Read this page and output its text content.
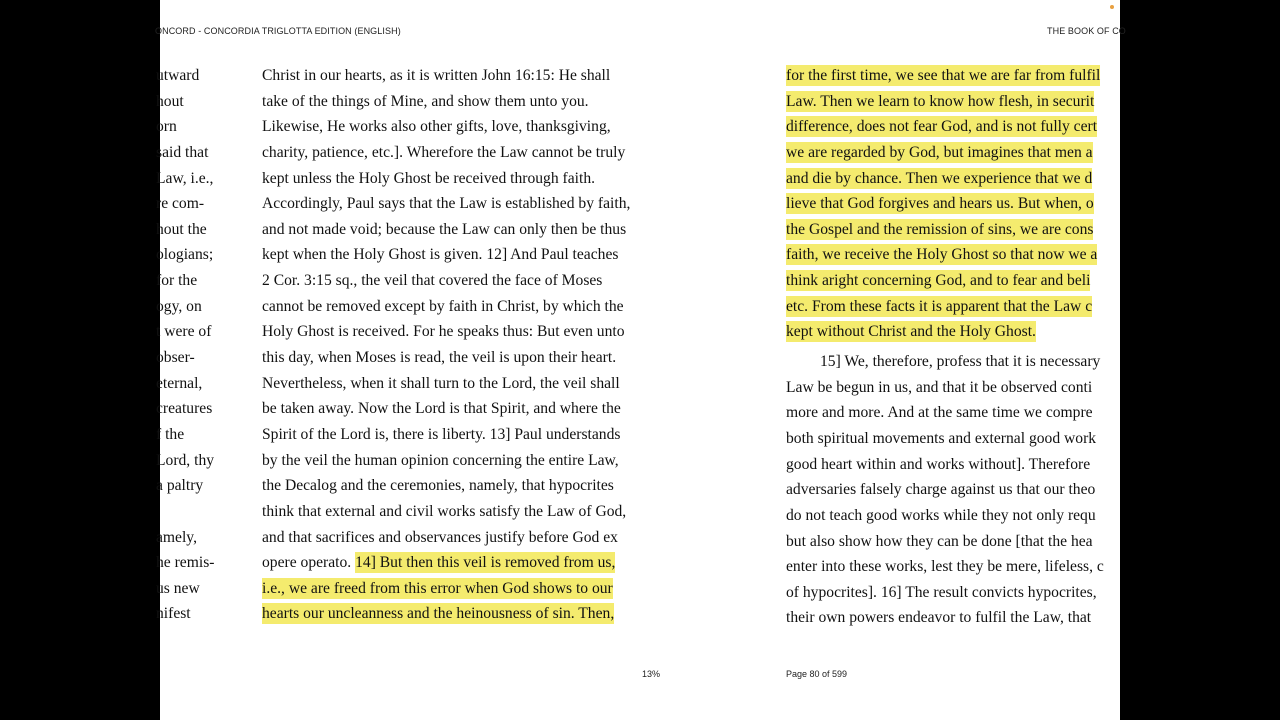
ONCORD - CONCORDIA TRIGLOTTA EDITION (ENGLISH)	THE BOOK OF CO
utward
hout
orn
said that
Law, i.e.,
re com-
hout the
ologians;
for the
ogy, on
t were of
obser-
eternal,
creatures
f the
Lord, thy
a paltry
amely,
he remis-
us new
nifest
Christ in our hearts, as it is written John 16:15: He shall
take of the things of Mine, and show them unto you.
Likewise, He works also other gifts, love, thanksgiving,
charity, patience, etc.]. Wherefore the Law cannot be truly
kept unless the Holy Ghost be received through faith.
Accordingly, Paul says that the Law is established by faith,
and not made void; because the Law can only then be thus
kept when the Holy Ghost is given. 12] And Paul teaches
2 Cor. 3:15 sq., the veil that covered the face of Moses
cannot be removed except by faith in Christ, by which the
Holy Ghost is received. For he speaks thus: But even unto
this day, when Moses is read, the veil is upon their heart.
Nevertheless, when it shall turn to the Lord, the veil shall
be taken away. Now the Lord is that Spirit, and where the
Spirit of the Lord is, there is liberty. 13] Paul understands
by the veil the human opinion concerning the entire Law,
the Decalog and the ceremonies, namely, that hypocrites
think that external and civil works satisfy the Law of God,
and that sacrifices and observances justify before God ex
opere operato. 14] But then this veil is removed from us,
i.e., we are freed from this error when God shows to our
hearts our uncleanness and the heinousness of sin. Then,
for the first time, we see that we are far from fulfil
Law. Then we learn to know how flesh, in securit
difference, does not fear God, and is not fully cert
we are regarded by God, but imagines that men a
and die by chance. Then we experience that we d
lieve that God forgives and hears us. But when, o
the Gospel and the remission of sins, we are cons
faith, we receive the Holy Ghost so that now we a
think aright concerning God, and to fear and beli
etc. From these facts it is apparent that the Law c
kept without Christ and the Holy Ghost.
15] We, therefore, profess that it is necessary
Law be begun in us, and that it be observed conti
more and more. And at the same time we compre
both spiritual movements and external good work
good heart within and works without]. Therefore
adversaries falsely charge against us that our theo
do not teach good works while they not only requ
but also show how they can be done [that the hea
enter into these works, lest they be mere, lifeless, c
of hypocrites]. 16] The result convicts hypocrites,
their own powers endeavor to fulfil the Law, that
13%	Page 80 of 599
